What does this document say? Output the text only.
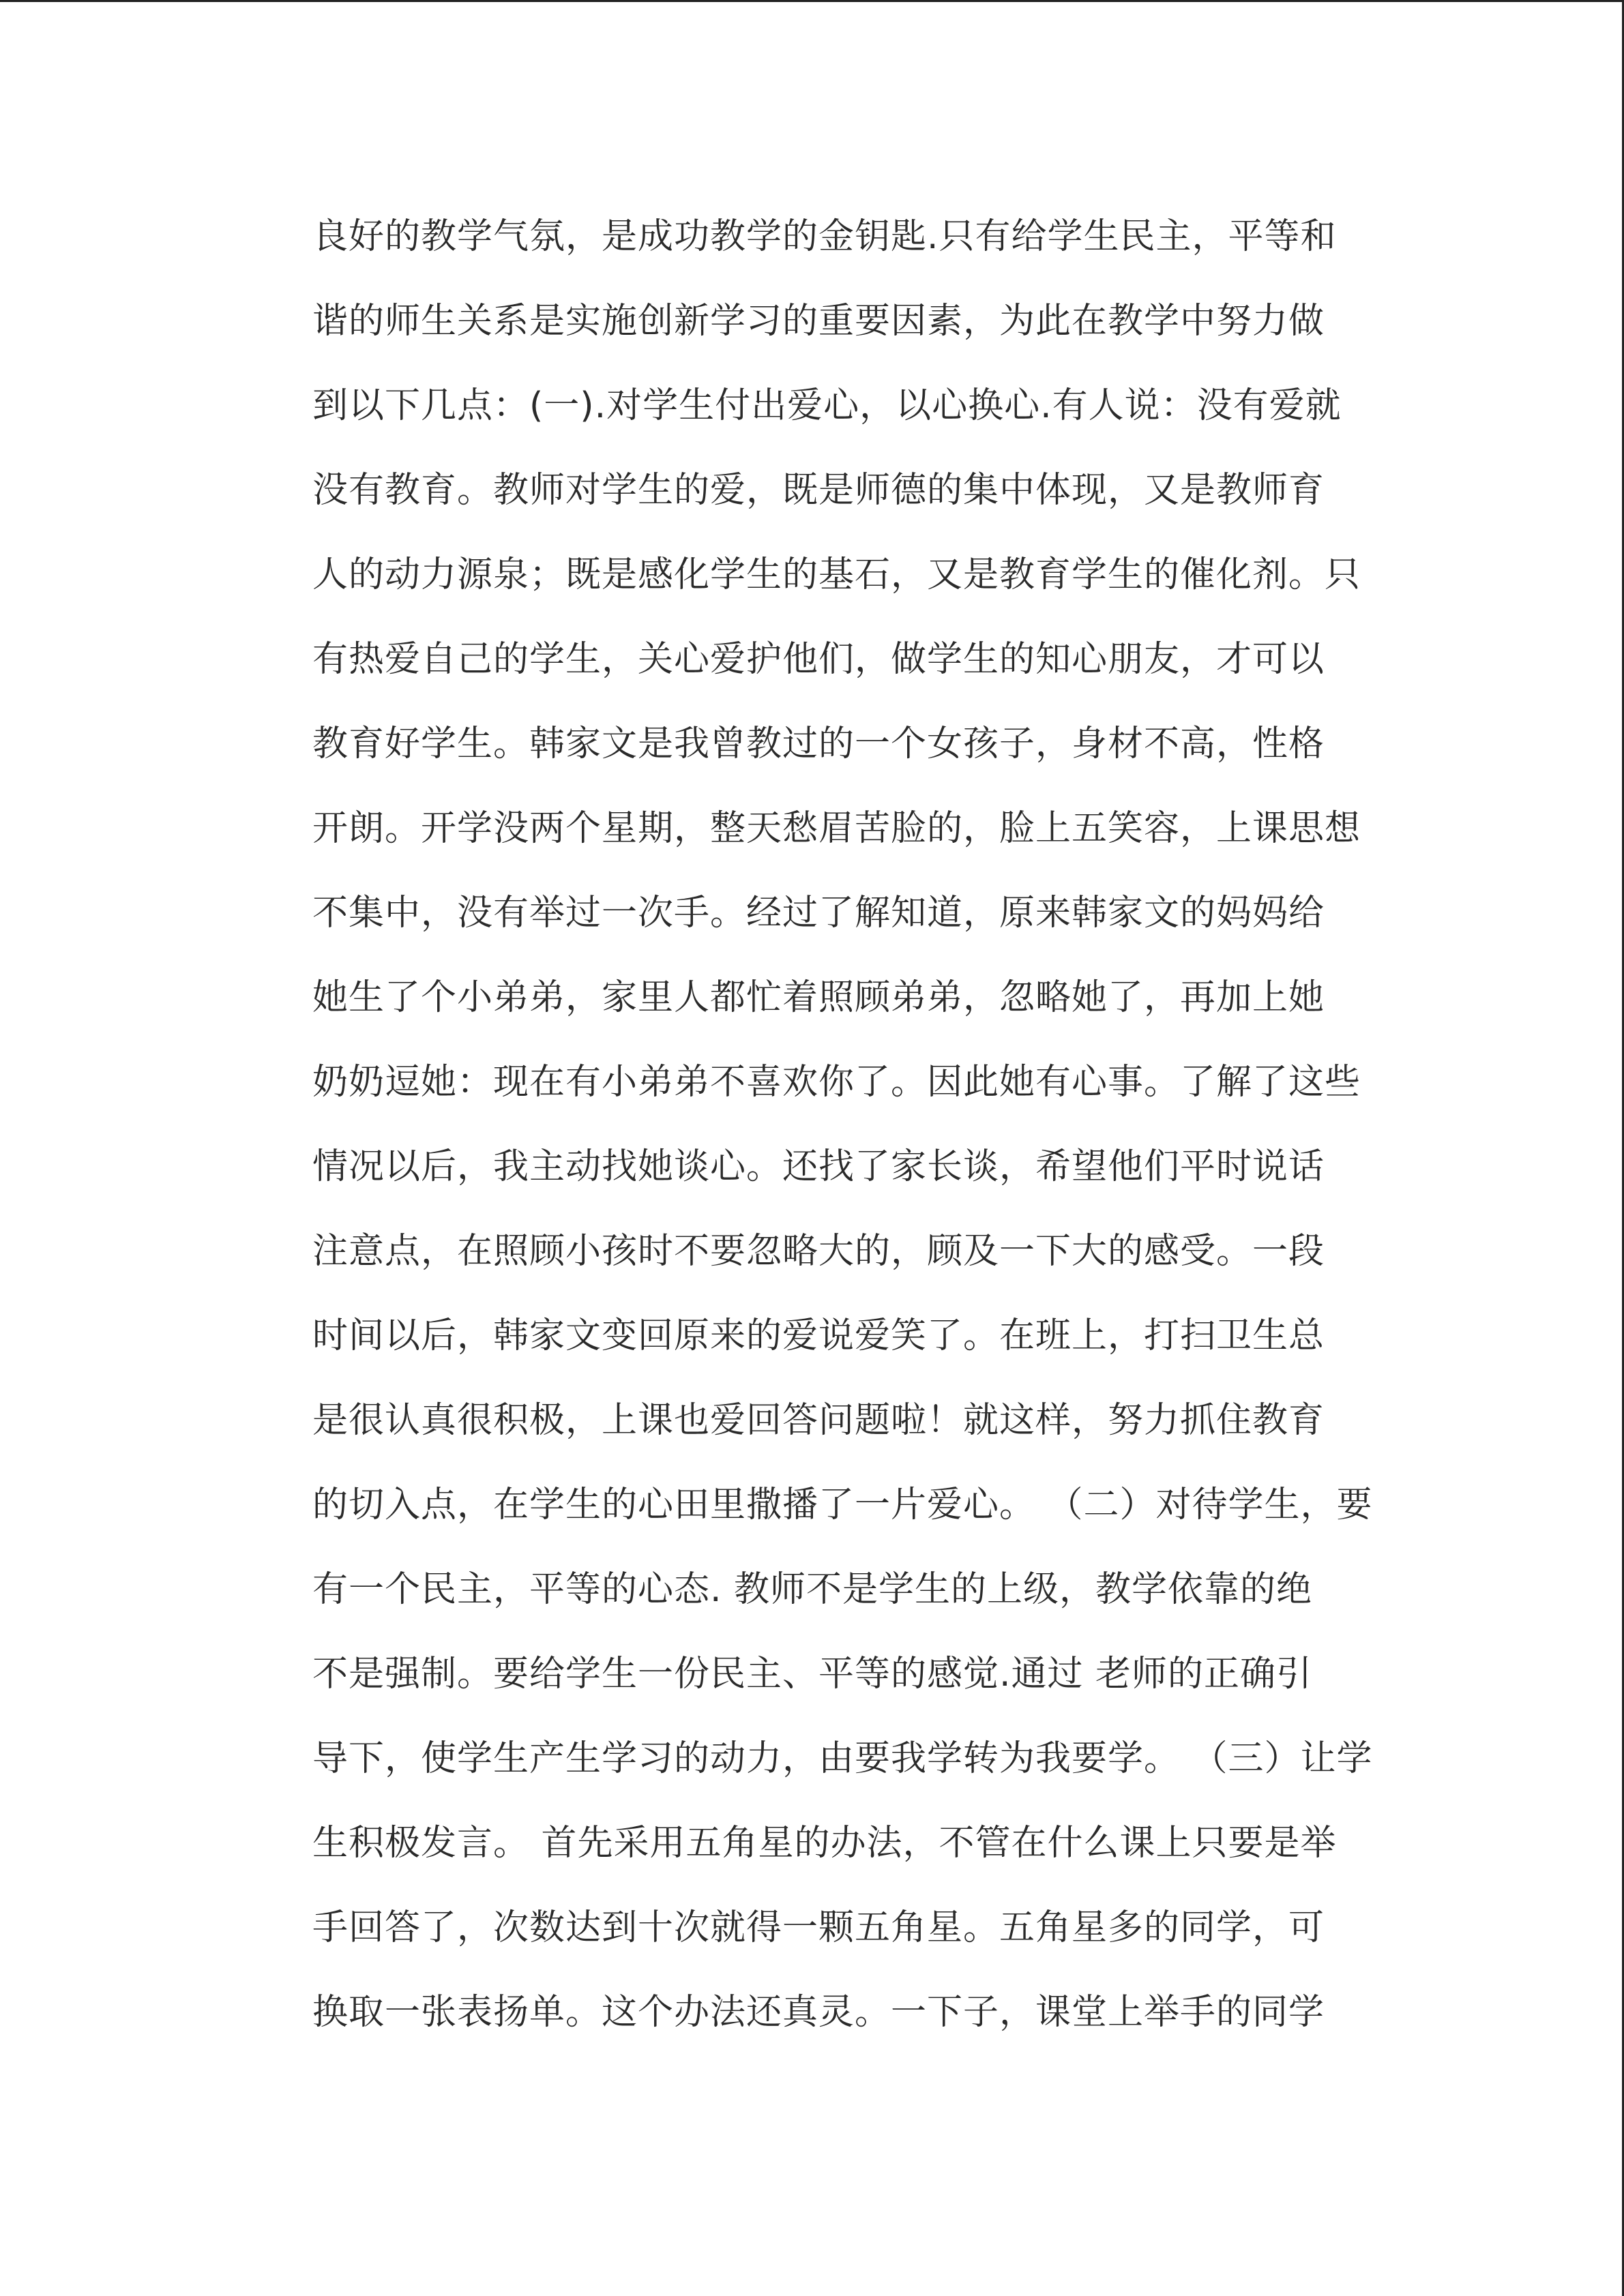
良好的教学气氛，是成功教学的金钥匙.只有给学生民主，平等和
谐的师生关系是实施创新学习的重要因素，为此在教学中努力做
到以下几点：(一).对学生付出爱心，以心换心.有人说：没有爱就
没有教育。教师对学生的爱，既是师德的集中体现，又是教师育
人的动力源泉；既是感化学生的基石，又是教育学生的催化剂。只
有热爱自己的学生，关心爱护他们，做学生的知心朋友，才可以
教育好学生。韩家文是我曾教过的一个女孩子，身材不高，性格
开朗。开学没两个星期，整天愁眉苦脸的，脸上五笑容，上课思想
不集中，没有举过一次手。经过了解知道，原来韩家文的妈妈给
她生了个小弟弟，家里人都忙着照顾弟弟，忽略她了，再加上她
奶奶逗她：现在有小弟弟不喜欢你了。因此她有心事。了解了这些
情况以后，我主动找她谈心。还找了家长谈，希望他们平时说话
注意点，在照顾小孩时不要忽略大的，顾及一下大的感受。一段
时间以后，韩家文变回原来的爱说爱笑了。在班上，打扫卫生总
是很认真很积极，上课也爱回答问题啦！就这样，努力抓住教育
的切入点，在学生的心田里撒播了一片爱心。 （二）对待学生，要
有一个民主，平等的心态. 教师不是学生的上级，教学依靠的绝
不是强制。要给学生一份民主、平等的感觉.通过 老师的正确引
导下，使学生产生学习的动力，由要我学转为我要学。 （三）让学
生积极发言。 首先采用五角星的办法，不管在什么课上只要是举
手回答了，次数达到十次就得一颗五角星。五角星多的同学，可
换取一张表扬单。这个办法还真灵。一下子，课堂上举手的同学
